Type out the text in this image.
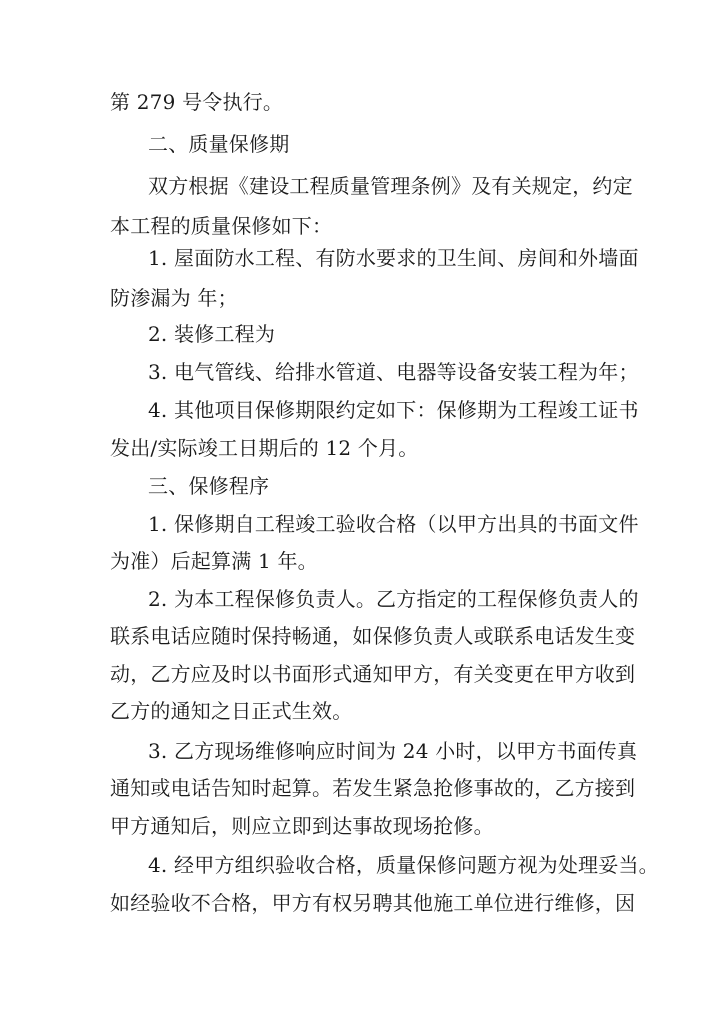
第 279 号令执行。
二、质量保修期
双方根据《建设工程质量管理条例》及有关规定，约定
本工程的质量保修如下：
1. 屋面防水工程、有防水要求的卫生间、房间和外墙面
防渗漏为 年；
2. 装修工程为
3. 电气管线、给排水管道、电器等设备安装工程为年；
4. 其他项目保修期限约定如下：保修期为工程竣工证书
发出/实际竣工日期后的 12 个月。
三、保修程序
1. 保修期自工程竣工验收合格（以甲方出具的书面文件
为准）后起算满 1 年。
2. 为本工程保修负责人。乙方指定的工程保修负责人的
联系电话应随时保持畅通，如保修负责人或联系电话发生变
动，乙方应及时以书面形式通知甲方，有关变更在甲方收到
乙方的通知之日正式生效。
3. 乙方现场维修响应时间为 24 小时，以甲方书面传真
通知或电话告知时起算。若发生紧急抢修事故的，乙方接到
甲方通知后，则应立即到达事故现场抢修。
4. 经甲方组织验收合格，质量保修问题方视为处理妥当。
如经验收不合格，甲方有权另聘其他施工单位进行维修，因
